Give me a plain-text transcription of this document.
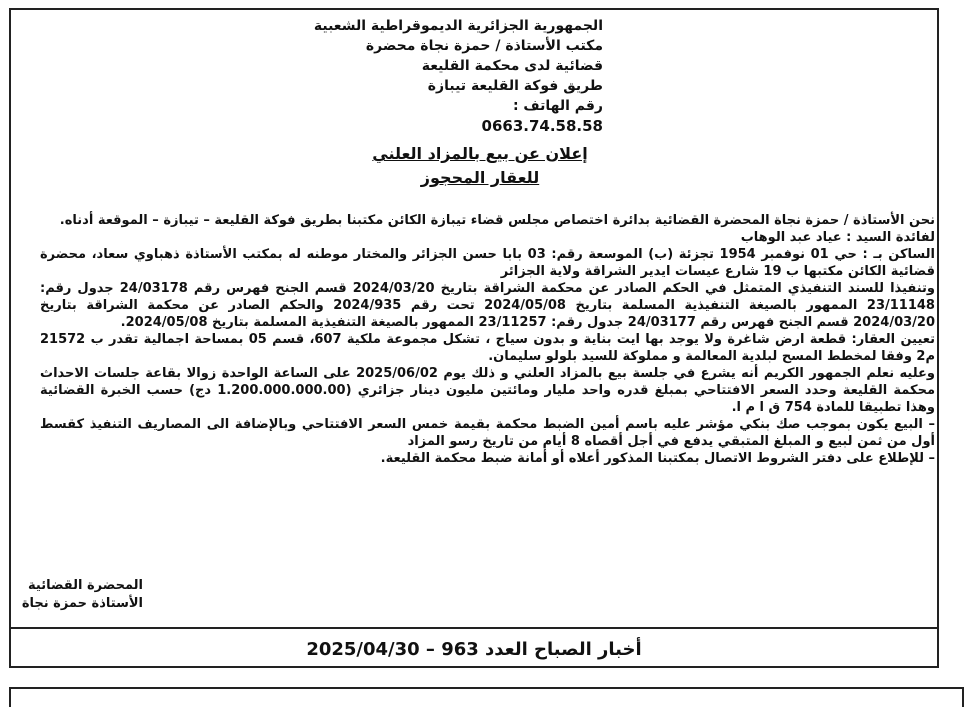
الجمهورية الجزائرية الديموقراطية الشعبية
مكتب الأستاذة / حمزة نجاة محضرة
قضائية لدى محكمة القليعة
طريق فوكة القليعة تيبازة
رقم الهاتف :
0663.74.58.58
إعلان عن بيع بالمزاد العلني
للعقار المحجوز

نحن الأستاذة / حمزة نجاة المحضرة القضائية بدائرة اختصاص مجلس قضاء تيبازة الكائن مكتبنا بطريق فوكة القليعة – تيبازة – الموقعة أدناه.

لفائدة السيد : عياد عبد الوهاب

الساكن بـ : حي 01 نوفمبر 1954 تجزئة (ب) الموسعة رقم: 03 بابا حسن الجزائر والمختار موطنه له بمكتب الأستاذة ذهباوي سعاد، محضرة قضائية الكائن مكتبها ب 19 شارع عيسات ايدير الشراقة ولاية الجزائر

وتنفيذا للسند التنفيذي المتمثل في الحكم الصادر عن محكمة الشراقة بتاريخ 2024/03/20 قسم الجنح فهرس رقم 24/03178 جدول رقم: 23/11148 الممهور بالصيغة التنفيذية المسلمة بتاريخ 2024/05/08 تحت رقم 2024/935 والحكم الصادر عن محكمة الشراقة بتاريخ 2024/03/20 قسم الجنح فهرس رقم 24/03177 جدول رقم: 23/11257 الممهور بالصيغة التنفيذية المسلمة بتاريخ 2024/05/08.

تعيين العقار: قطعة ارض شاغرة ولا يوجد بها ايت بناية و بدون سياج ، تشكل مجموعة ملكية 607، قسم 05 بمساحة اجمالية تقدر ب 21572 م2 وفقا لمخطط المسح لبلدية المعالمة و مملوكة للسيد بلولو سليمان.

وعليه نعلم الجمهور الكريم أنه يشرع في جلسة بيع بالمزاد العلني و ذلك يوم 2025/06/02 على الساعة الواحدة زوالا بقاعة جلسات الاحداث محكمة القليعة وحدد السعر الافتتاحي بمبلغ قدره واحد مليار ومائتين مليون دينار جزائري (1.200.000.000.00 دج) حسب الخبرة القضائية وهذا تطبيقا للمادة 754 ق ا م ا.

– البيع يكون بموجب صك بنكي مؤشر عليه باسم أمين الضبط محكمة بقيمة خمس السعر الافتتاحي وبالإضافة الى المصاريف التنفيذ كقسط أول من ثمن لبيع و المبلغ المتبقي يدفع في أجل أقصاه 8 أيام من تاريخ رسو المزاد

– للإطلاع على دفتر الشروط الاتصال بمكتبنا المذكور أعلاه أو أمانة ضبط محكمة القليعة.

المحضرة القضائية
الأستاذة حمزة نجاة
أخبار الصباح العدد 963 – 2025/04/30
